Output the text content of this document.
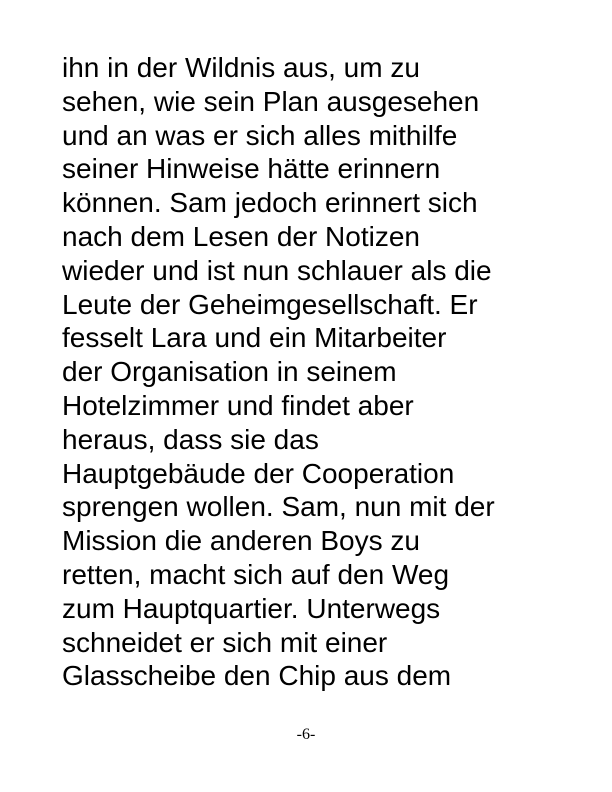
ihn in der Wildnis aus, um zu
sehen, wie sein Plan ausgesehen
und an was er sich alles mithilfe
seiner Hinweise hätte erinnern
können. Sam jedoch erinnert sich
nach dem Lesen der Notizen
wieder und ist nun schlauer als die
Leute der Geheimgesellschaft. Er
fesselt Lara und ein Mitarbeiter
der Organisation in seinem
Hotelzimmer und findet aber
heraus, dass sie das
Hauptgebäude der Cooperation
sprengen wollen. Sam, nun mit der
Mission die anderen Boys zu
retten, macht sich auf den Weg
zum Hauptquartier. Unterwegs
schneidet er sich mit einer
Glasscheibe den Chip aus dem

-6-
